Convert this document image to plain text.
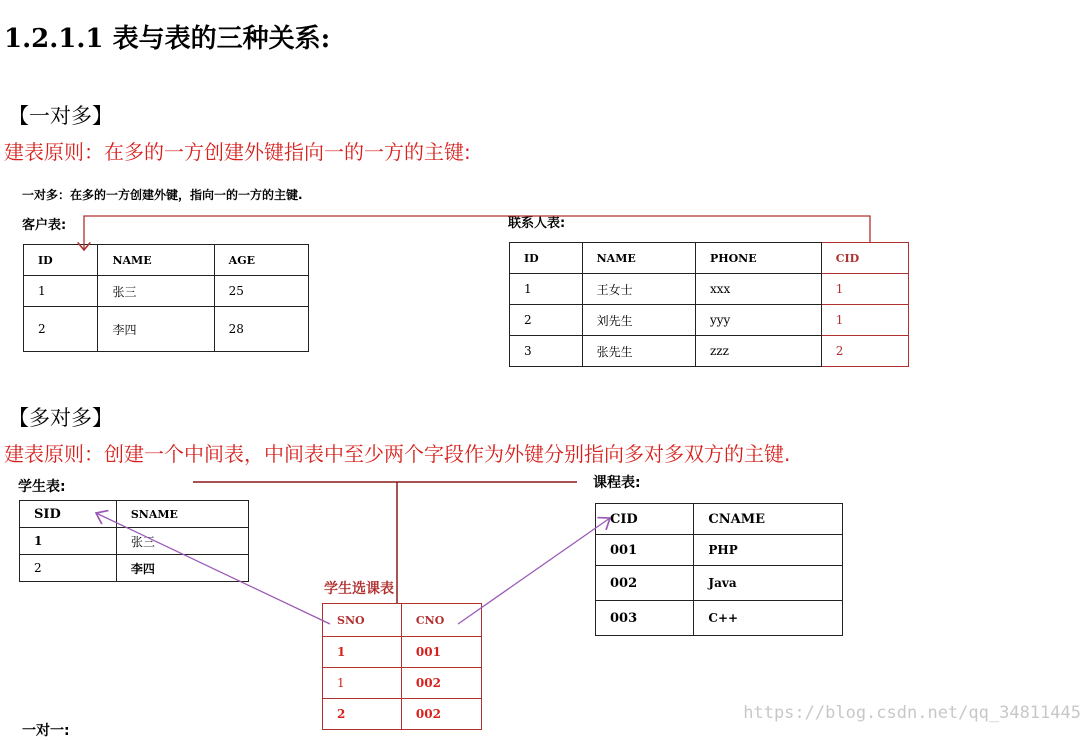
1.2.1.1 表与表的三种关系:
【一对多】
建表原则：在多的一方创建外键指向一的一方的主键:
一对多：在多的一方创建外键，指向一的一方的主键.
客户表:	联系人表:
ID	NAME	AGE
1	张三	25
2	李四	28
ID	NAME	PHONE	CID
1	王女士	xxx	1
2	刘先生	yyy	1
3	张先生	zzz	2
【多对多】
建表原则：创建一个中间表，中间表中至少两个字段作为外键分别指向多对多双方的主键.
学生表:	课程表:
学生选课表
SID	SNAME
1	张三
2	李四
CID	CNAME
001	PHP
002	Java
003	C++
SNO	CNO
1	001
1	002
2	002
一对一:
https://blog.csdn.net/qq_34811445
